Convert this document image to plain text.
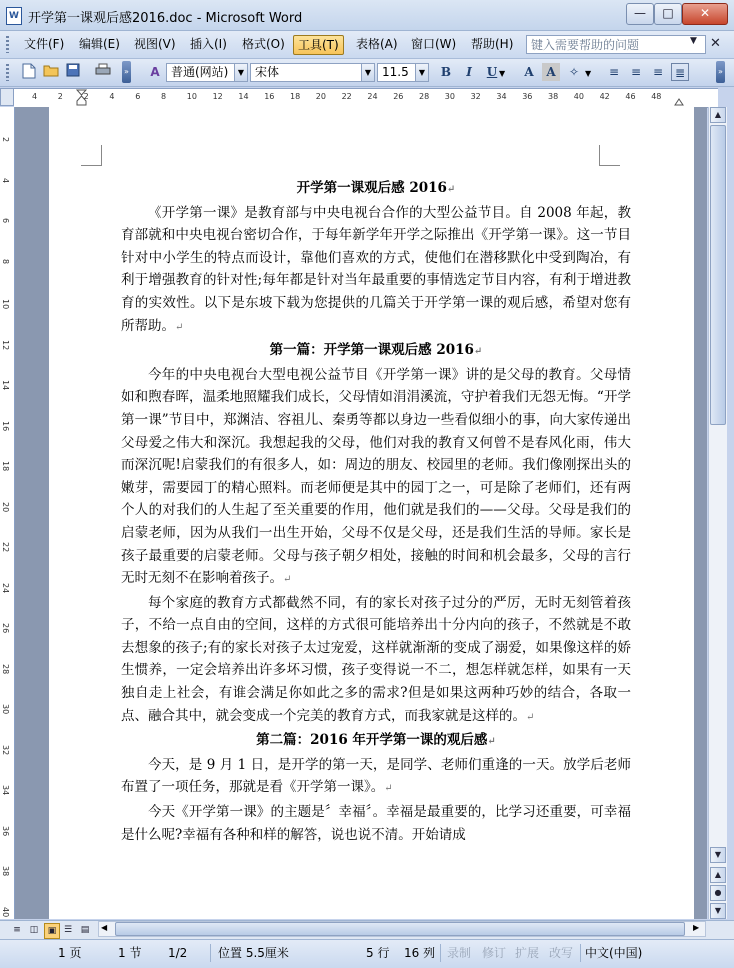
W 开学第一课观后感2016.doc - Microsoft Word	—	□	✕
文件(F)	编辑(E)	视图(V)	插入(I)	格式(O)	工具(T)	表格(A)	窗口(W)	帮助(H)	键入需要帮助的问题	▼ ✕
»	A 普通(网站)	▼ 宋体	▼ 11.5	▼	B	I	U ▼	A	A	✧ ▼	≡ ≡ ≡ ≣	»
4	2	2	4	6	8	10 12 14 16 18 20 22 24 26 28 30 32 34 36 38 40 42 46 48
2
4
6
8
10
12
14
16
18
20
22
24
26
28
30
32
34
36
38
40
开学第一课观后感 2016↵
《开学第一课》是教育部与中央电视台合作的大型公益节目。自 2008 年起，教育部就和中央电视台密切合作，于每年新学年开学之际推出《开学第一课》。这一节目针对中小学生的特点而设计，靠他们喜欢的方式，使他们在潜移默化中受到陶冶，有利于增强教育的针对性;每年都是针对当年最重要的事情选定节目内容，有利于增进教育的实效性。以下是东坡下载为您提供的几篇关于开学第一课的观后感，希望对您有所帮助。↵
第一篇：开学第一课观后感 2016↵
今年的中央电视台大型电视公益节目《开学第一课》讲的是父母的教育。父母情如和煦春晖，温柔地照耀我们成长，父母情如涓涓溪流，守护着我们无怨无悔。“开学第一课”节目中，郑渊洁、容祖儿、秦勇等都以身边一些看似细小的事，向大家传递出父母爱之伟大和深沉。我想起我的父母，他们对我的教育又何曾不是春风化雨，伟大而深沉呢!启蒙我们的有很多人，如：周边的朋友、校园里的老师。我们像刚探出头的嫩芽，需要园丁的精心照料。而老师便是其中的园丁之一，可是除了老师们，还有两个人的对我们的人生起了至关重要的作用，他们就是我们的——父母。父母是我们的启蒙老师，因为从我们一出生开始，父母不仅是父母，还是我们生活的导师。家长是孩子最重要的启蒙老师。父母与孩子朝夕相处，接触的时间和机会最多，父母的言行无时无刻不在影响着孩子。↵
每个家庭的教育方式都截然不同，有的家长对孩子过分的严厉，无时无刻管着孩子，不给一点自由的空间，这样的方式很可能培养出十分内向的孩子，不然就是不敢去想象的孩子;有的家长对孩子太过宠爱，这样就渐渐的变成了溺爱，如果像这样的娇生惯养，一定会培养出许多坏习惯，孩子变得说一不二，想怎样就怎样，如果有一天独自走上社会，有谁会满足你如此之多的需求?但是如果这两种巧妙的结合，各取一点、融合其中，就会变成一个完美的教育方式，而我家就是这样的。↵
第二篇：2016 年开学第一课的观后感↵
今天，是 9 月 1 日，是开学的第一天，是同学、老师们重逢的一天。放学后老师布置了一项任务，那就是看《开学第一课》。↵
今天《开学第一课》的主题是〞幸福〞。幸福是最重要的，比学习还重要，可幸福是什么呢?幸福有各种和样的解答，说也说不清。开始请成
▲
▼
▲
●
▼
≡ ◫	▣ ☰ ▤	◀	▶
1 页	1 节 1/2	位置 5.5厘米	5 行 16 列 录制 修订 扩展 改写 中文(中国)
